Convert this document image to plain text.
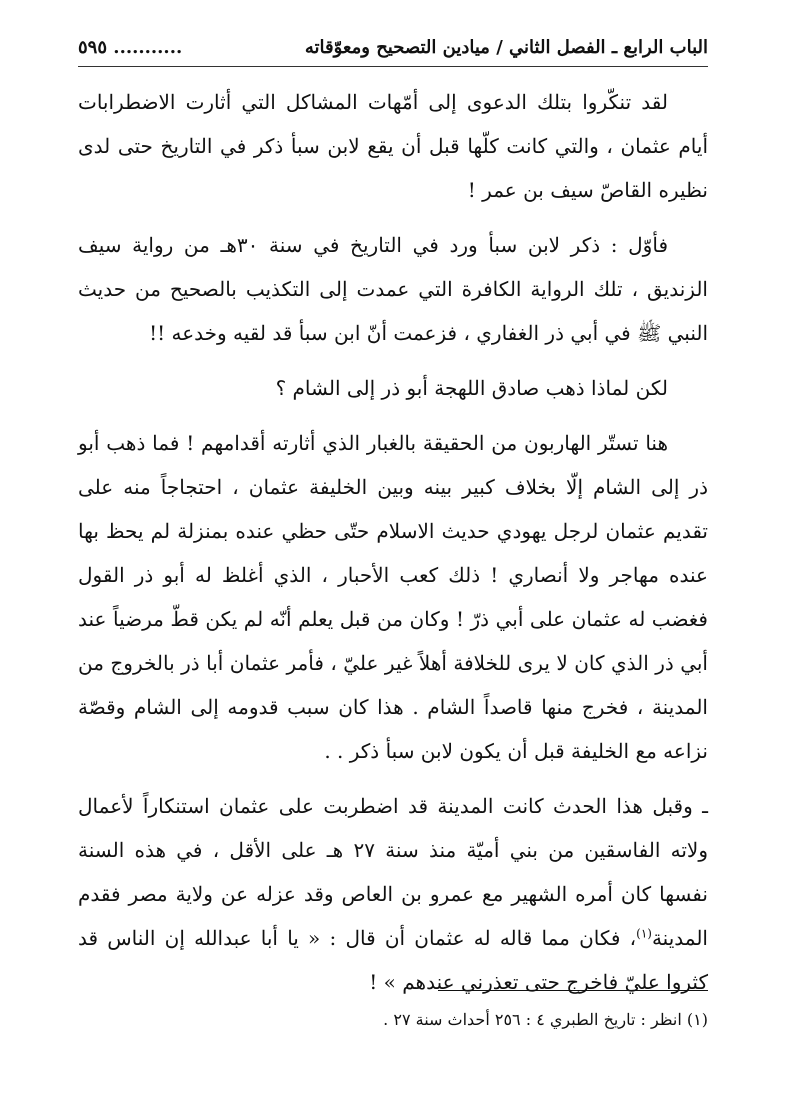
الباب الرابع ـ الفصل الثاني / ميادين التصحيح ومعوّقاته
٥٩٥ ...........

لقد تنكّروا بتلك الدعوى إلى أمّهات المشاكل التي أثارت الاضطرابات أيام عثمان ، والتي كانت كلّها قبل أن يقع لابن سبأ ذكر في التاريخ حتى لدى نظيره القاصّ سيف بن عمر !

فأوّل : ذكر لابن سبأ ورد في التاريخ في سنة ٣٠هـ من رواية سيف الزنديق ، تلك الرواية الكافرة التي عمدت إلى التكذيب بالصحيح من حديث النبي ﷺ في أبي ذر الغفاري ، فزعمت أنّ ابن سبأ قد لقيه وخدعه !!

لكن لماذا ذهب صادق اللهجة أبو ذر إلى الشام ؟

هنا تستّر الهاربون من الحقيقة بالغبار الذي أثارته أقدامهم ! فما ذهب أبو ذر إلى الشام إلّا بخلاف كبير بينه وبين الخليفة عثمان ، احتجاجاً منه على تقديم عثمان لرجل يهودي حديث الاسلام حتّى حظي عنده بمنزلة لم يحظ بها عنده مهاجر ولا أنصاري ! ذلك كعب الأحبار ، الذي أغلظ له أبو ذر القول فغضب له عثمان على أبي ذرّ ! وكان من قبل يعلم أنّه لم يكن قطّ مرضياً عند أبي ذر الذي كان لا يرى للخلافة أهلاً غير عليّ ، فأمر عثمان أبا ذر بالخروج من المدينة ، فخرج منها قاصداً الشام . هذا كان سبب قدومه إلى الشام وقصّة نزاعه مع الخليفة قبل أن يكون لابن سبأ ذكر . .

ـ وقبل هذا الحدث كانت المدينة قد اضطربت على عثمان استنكاراً لأعمال ولاته الفاسقين من بني أميّة منذ سنة ٢٧ هـ على الأقل ، في هذه السنة نفسها كان أمره الشهير مع عمرو بن العاص وقد عزله عن ولاية مصر فقدم المدينة$^{(١)}$، فكان مما قاله له عثمان أن قال : « يا أبا عبدالله إن الناس قد كثروا عليّ فاخرج حتى تعذرني عندهم » !

(١) انظر : تاريخ الطبري ٤ : ٢٥٦ أحداث سنة ٢٧ .
